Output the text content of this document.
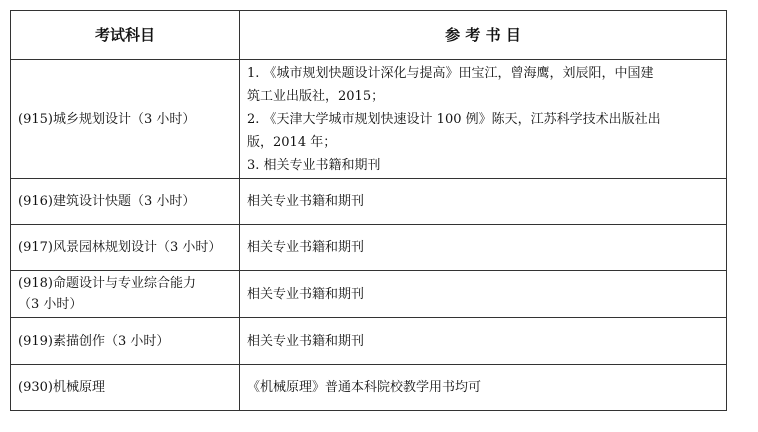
考试科目	参 考 书 目

(915)城乡规划设计（3 小时）	1. 《城市规划快题设计深化与提高》田宝江，曾海鹰，刘辰阳，中国建
筑工业出版社，2015；
2. 《天津大学城市规划快速设计 100 例》陈天，江苏科学技术出版社出
版，2014 年；
3. 相关专业书籍和期刊

(916)建筑设计快题（3 小时）	相关专业书籍和期刊

(917)风景园林规划设计（3 小时）	相关专业书籍和期刊

(918)命题设计与专业综合能力
（3 小时）	相关专业书籍和期刊

(919)素描创作（3 小时）	相关专业书籍和期刊

(930)机械原理	《机械原理》普通本科院校教学用书均可
